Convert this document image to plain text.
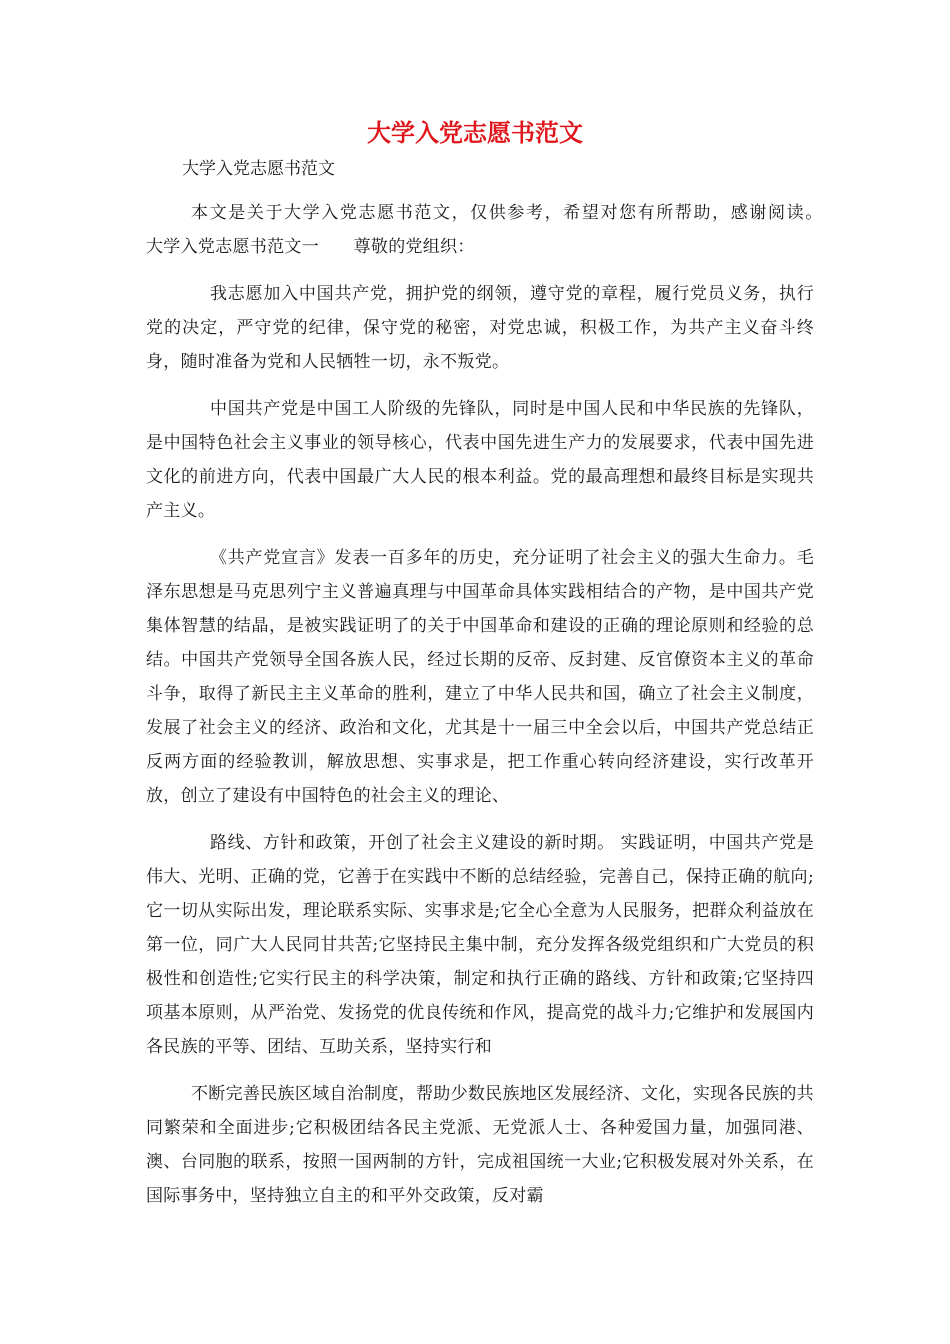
大学入党志愿书范文

大学入党志愿书范文

本文是关于大学入党志愿书范文，仅供参考，希望对您有所帮助，感谢阅读。　　大学入党志愿书范文一　　尊敬的党组织：

我志愿加入中国共产党，拥护党的纲领，遵守党的章程，履行党员义务，执行党的决定，严守党的纪律，保守党的秘密，对党忠诚，积极工作，为共产主义奋斗终身，随时准备为党和人民牺牲一切，永不叛党。

中国共产党是中国工人阶级的先锋队，同时是中国人民和中华民族的先锋队，是中国特色社会主义事业的领导核心，代表中国先进生产力的发展要求，代表中国先进文化的前进方向，代表中国最广大人民的根本利益。党的最高理想和最终目标是实现共产主义。

《共产党宣言》发表一百多年的历史，充分证明了社会主义的强大生命力。毛泽东思想是马克思列宁主义普遍真理与中国革命具体实践相结合的产物，是中国共产党集体智慧的结晶，是被实践证明了的关于中国革命和建设的正确的理论原则和经验的总结。中国共产党领导全国各族人民，经过长期的反帝、反封建、反官僚资本主义的革命斗争，取得了新民主主义革命的胜利，建立了中华人民共和国，确立了社会主义制度，发展了社会主义的经济、政治和文化，尤其是十一届三中全会以后，中国共产党总结正反两方面的经验教训，解放思想、实事求是，把工作重心转向经济建设，实行改革开放，创立了建设有中国特色的社会主义的理论、

路线、方针和政策，开创了社会主义建设的新时期。 实践证明，中国共产党是伟大、光明、正确的党，它善于在实践中不断的总结经验，完善自己，保持正确的航向;它一切从实际出发，理论联系实际、实事求是;它全心全意为人民服务，把群众利益放在第一位，同广大人民同甘共苦;它坚持民主集中制，充分发挥各级党组织和广大党员的积极性和创造性;它实行民主的科学决策，制定和执行正确的路线、方针和政策;它坚持四项基本原则，从严治党、发扬党的优良传统和作风，提高党的战斗力;它维护和发展国内各民族的平等、团结、互助关系，坚持实行和

不断完善民族区域自治制度，帮助少数民族地区发展经济、文化，实现各民族的共同繁荣和全面进步;它积极团结各民主党派、无党派人士、各种爱国力量，加强同港、澳、台同胞的联系，按照一国两制的方针，完成祖国统一大业;它积极发展对外关系，在国际事务中，坚持独立自主的和平外交政策，反对霸
